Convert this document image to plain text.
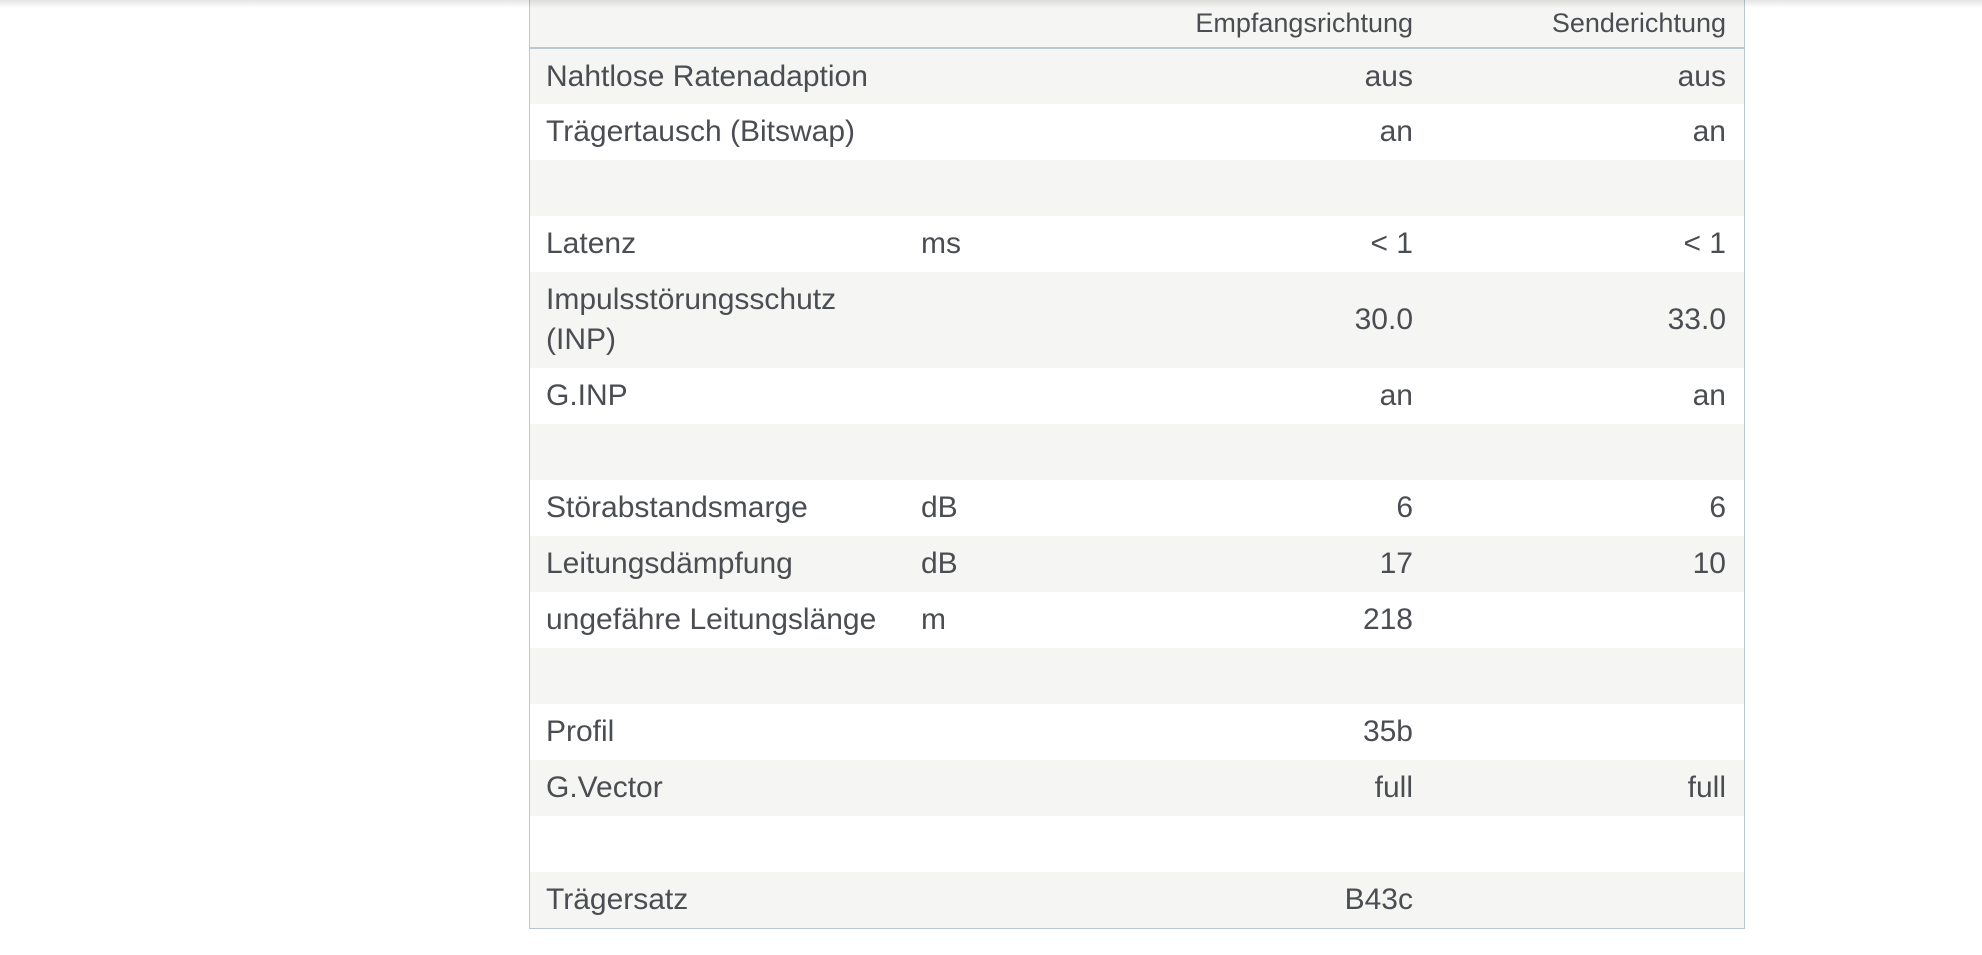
		Empfangsrichtung	Senderichtung
Nahtlose Ratenadaption		aus	aus
Trägertausch (Bitswap)		an	an

Latenz	ms	< 1	< 1
Impulsstörungsschutz (INP)		30.0	33.0
G.INP		an	an

Störabstandsmarge	dB	6	6
Leitungsdämpfung	dB	17	10
ungefähre Leitungslänge	m	218	

Profil		35b	
G.Vector		full	full

Trägersatz		B43c	
